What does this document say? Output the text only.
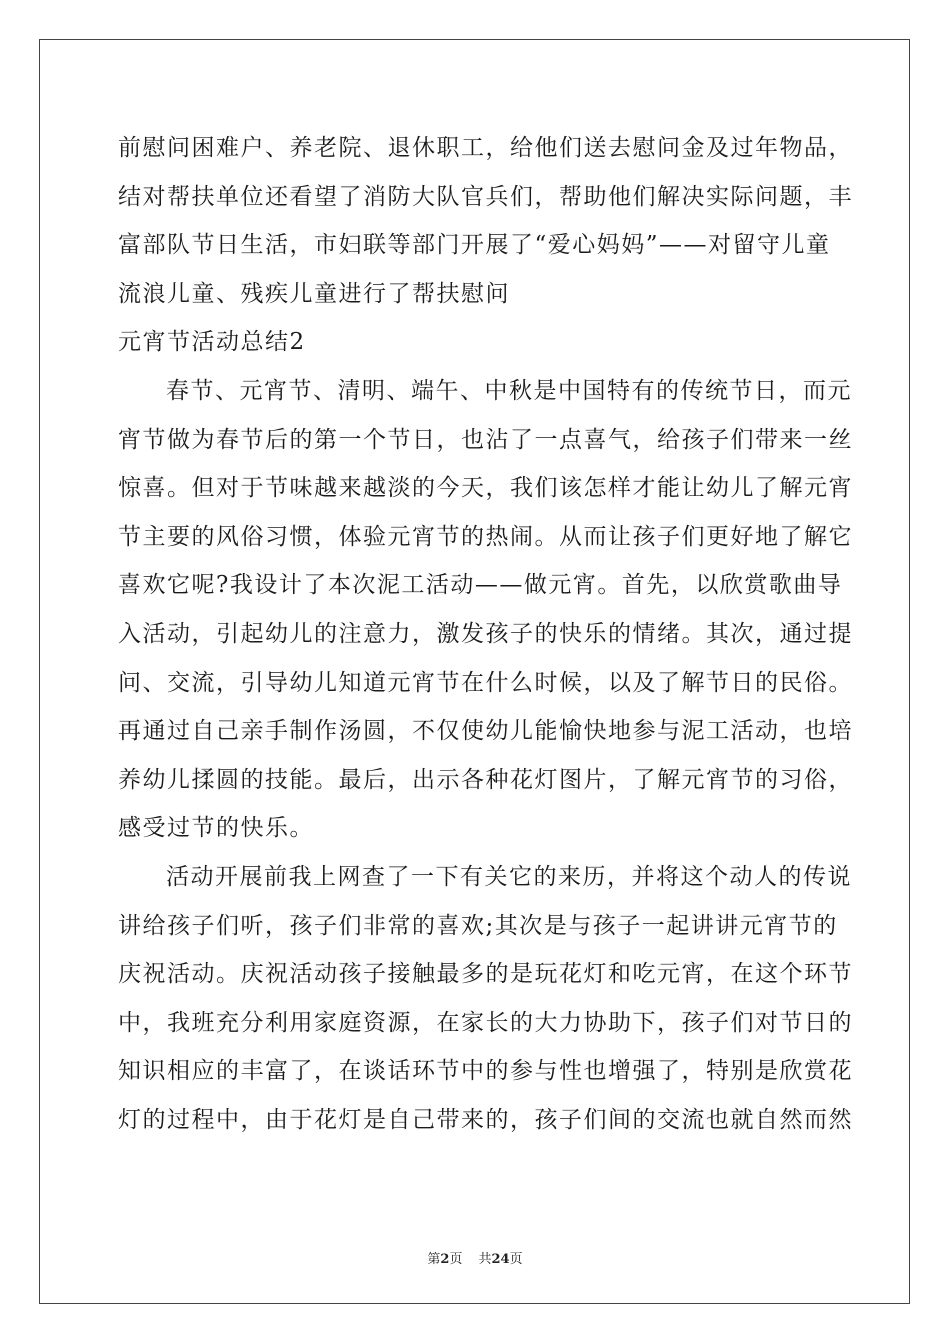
前慰问困难户、养老院、退休职工，给他们送去慰问金及过年物品，
结对帮扶单位还看望了消防大队官兵们，帮助他们解决实际问题，丰
富部队节日生活，市妇联等部门开展了“爱心妈妈”——对留守儿童
流浪儿童、残疾儿童进行了帮扶慰问
元宵节活动总结2
春节、元宵节、清明、端午、中秋是中国特有的传统节日，而元
宵节做为春节后的第一个节日，也沾了一点喜气，给孩子们带来一丝
惊喜。但对于节味越来越淡的今天，我们该怎样才能让幼儿了解元宵
节主要的风俗习惯，体验元宵节的热闹。从而让孩子们更好地了解它
喜欢它呢?我设计了本次泥工活动——做元宵。首先，以欣赏歌曲导
入活动，引起幼儿的注意力，激发孩子的快乐的情绪。其次，通过提
问、交流，引导幼儿知道元宵节在什么时候，以及了解节日的民俗。
再通过自己亲手制作汤圆，不仅使幼儿能愉快地参与泥工活动，也培
养幼儿揉圆的技能。最后，出示各种花灯图片，了解元宵节的习俗，
感受过节的快乐。
活动开展前我上网查了一下有关它的来历，并将这个动人的传说
讲给孩子们听，孩子们非常的喜欢;其次是与孩子一起讲讲元宵节的
庆祝活动。庆祝活动孩子接触最多的是玩花灯和吃元宵，在这个环节
中，我班充分利用家庭资源，在家长的大力协助下，孩子们对节日的
知识相应的丰富了，在谈话环节中的参与性也增强了，特别是欣赏花
灯的过程中，由于花灯是自己带来的，孩子们间的交流也就自然而然
第2页 共24页
